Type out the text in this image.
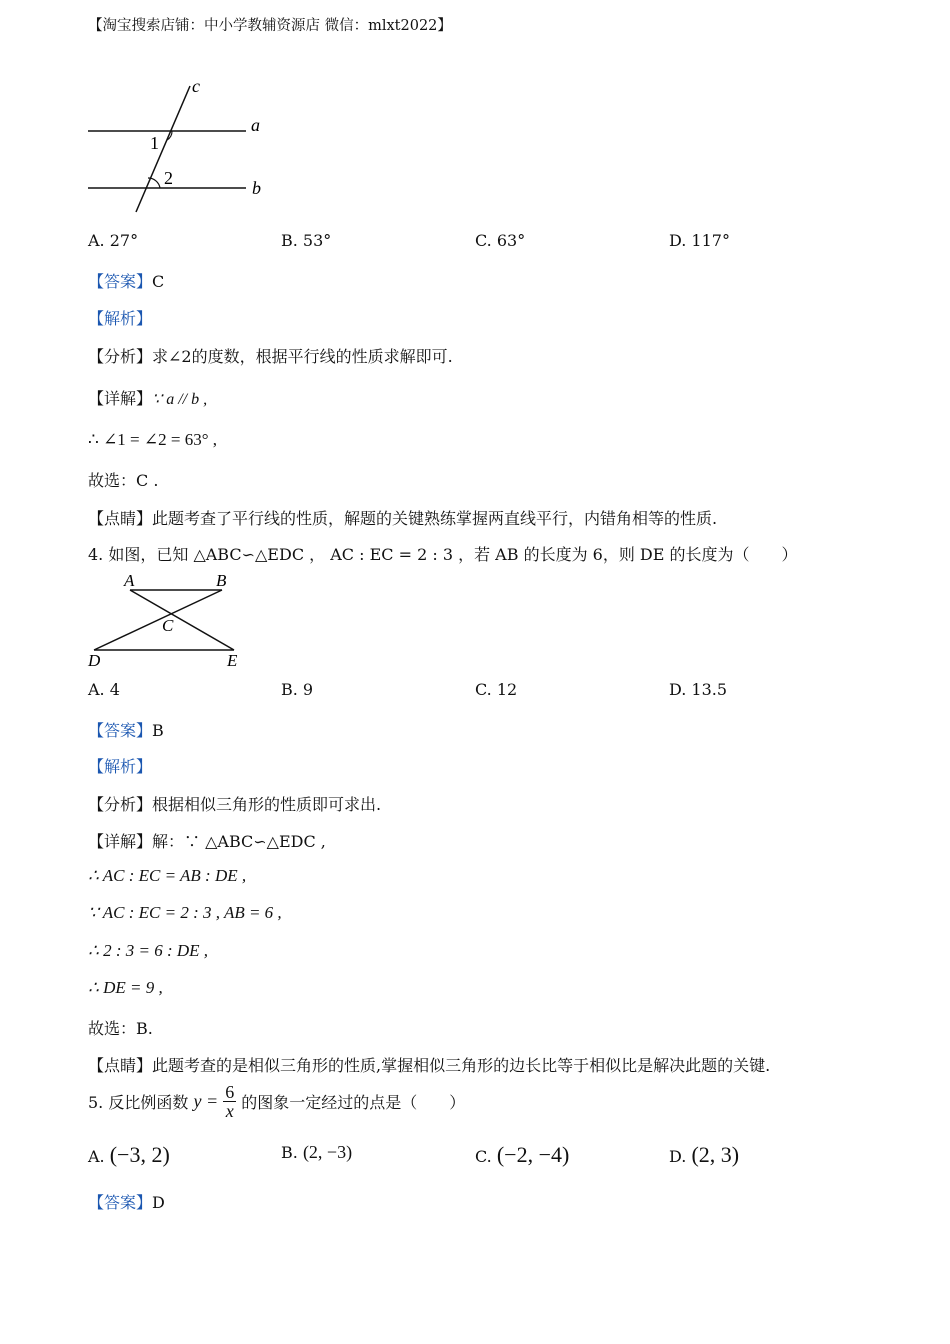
【淘宝搜索店铺：中小学教辅资源店 微信：mlxt2022】
c
a
b
1
2
A. 27°	B. 53°	C. 63°	D. 117°
【答案】C
【解析】
【分析】求∠2的度数，根据平行线的性质求解即可.
【详解】∵ a // b ,
∴ ∠1 = ∠2 = 63° ,
故选：C .
【点睛】此题考查了平行线的性质，解题的关键熟练掌握两直线平行，内错角相等的性质.
4. 如图，已知 △ABC∽△EDC ， AC : EC = 2 : 3 ，若 AB 的长度为 6，则 DE 的长度为（　　）
A	B
C
D	E
A. 4	B. 9	C. 12	D. 13.5
【答案】B
【解析】
【分析】根据相似三角形的性质即可求出.
【详解】解：∵ △ABC∽△EDC ,
∴ AC : EC = AB : DE ,
∵ AC : EC = 2 : 3 , AB = 6 ,
∴ 2 : 3 = 6 : DE ,
∴ DE = 9 ,
故选：B.
【点睛】此题考查的是相似三角形的性质,掌握相似三角形的边长比等于相似比是解决此题的关键.
5. 反比例函数 $y = \frac{6}{x}$ 的图象一定经过的点是（　　）
A. (−3, 2)	B. (2, −3)	C. (−2, −4)	D. (2, 3)
【答案】D
